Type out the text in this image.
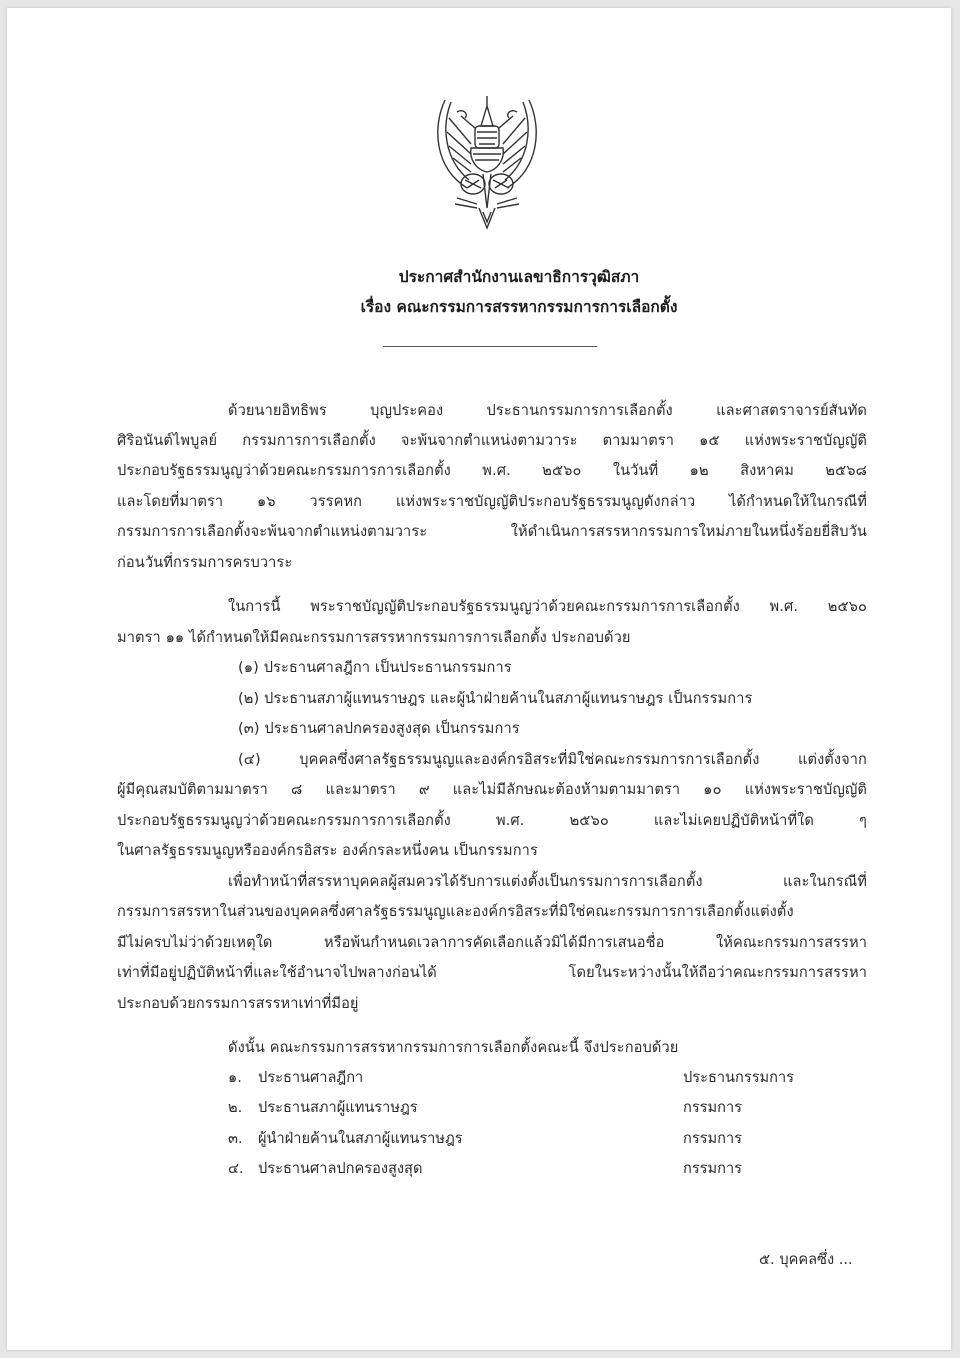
ประกาศสำนักงานเลขาธิการวุฒิสภา
เรื่อง คณะกรรมการสรรหากรรมการการเลือกตั้ง
ด้วยนายอิทธิพร บุญประคอง ประธานกรรมการการเลือกตั้ง และศาสตราจารย์สันทัด
ศิริอนันต์ไพบูลย์ กรรมการการเลือกตั้ง จะพ้นจากตำแหน่งตามวาระ ตามมาตรา ๑๕ แห่งพระราชบัญญัติ
ประกอบรัฐธรรมนูญว่าด้วยคณะกรรมการการเลือกตั้ง พ.ศ. ๒๕๖๐ ในวันที่ ๑๒ สิงหาคม ๒๕๖๘
และโดยที่มาตรา ๑๖ วรรคหก แห่งพระราชบัญญัติประกอบรัฐธรรมนูญดังกล่าว ได้กำหนดให้ในกรณีที่
กรรมการการเลือกตั้งจะพ้นจากตำแหน่งตามวาระ ให้ดำเนินการสรรหากรรมการใหม่ภายในหนึ่งร้อยยี่สิบวัน
ก่อนวันที่กรรมการครบวาระ
ในการนี้ พระราชบัญญัติประกอบรัฐธรรมนูญว่าด้วยคณะกรรมการการเลือกตั้ง พ.ศ. ๒๕๖๐
มาตรา ๑๑ ได้กำหนดให้มีคณะกรรมการสรรหากรรมการการเลือกตั้ง ประกอบด้วย
(๑) ประธานศาลฎีกา เป็นประธานกรรมการ
(๒) ประธานสภาผู้แทนราษฎร และผู้นำฝ่ายค้านในสภาผู้แทนราษฎร เป็นกรรมการ
(๓) ประธานศาลปกครองสูงสุด เป็นกรรมการ
(๔) บุคคลซึ่งศาลรัฐธรรมนูญและองค์กรอิสระที่มิใช่คณะกรรมการการเลือกตั้ง แต่งตั้งจาก
ผู้มีคุณสมบัติตามมาตรา ๘ และมาตรา ๙ และไม่มีลักษณะต้องห้ามตามมาตรา ๑๐ แห่งพระราชบัญญัติ
ประกอบรัฐธรรมนูญว่าด้วยคณะกรรมการการเลือกตั้ง พ.ศ. ๒๕๖๐ และไม่เคยปฏิบัติหน้าที่ใด ๆ
ในศาลรัฐธรรมนูญหรือองค์กรอิสระ องค์กรละหนึ่งคน เป็นกรรมการ
เพื่อทำหน้าที่สรรหาบุคคลผู้สมควรได้รับการแต่งตั้งเป็นกรรมการการเลือกตั้ง และในกรณีที่
กรรมการสรรหาในส่วนของบุคคลซึ่งศาลรัฐธรรมนูญและองค์กรอิสระที่มิใช่คณะกรรมการการเลือกตั้งแต่งตั้ง
มีไม่ครบไม่ว่าด้วยเหตุใด หรือพ้นกำหนดเวลาการคัดเลือกแล้วมิได้มีการเสนอชื่อ ให้คณะกรรมการสรรหา
เท่าที่มีอยู่ปฏิบัติหน้าที่และใช้อำนาจไปพลางก่อนได้ โดยในระหว่างนั้นให้ถือว่าคณะกรรมการสรรหา
ประกอบด้วยกรรมการสรรหาเท่าที่มีอยู่
ดังนั้น คณะกรรมการสรรหากรรมการการเลือกตั้งคณะนี้ จึงประกอบด้วย
๑. ประธานศาลฎีกา	ประธานกรรมการ
๒. ประธานสภาผู้แทนราษฎร	กรรมการ
๓. ผู้นำฝ่ายค้านในสภาผู้แทนราษฎร	กรรมการ
๔. ประธานศาลปกครองสูงสุด	กรรมการ
๕. บุคคลซึ่ง ...
